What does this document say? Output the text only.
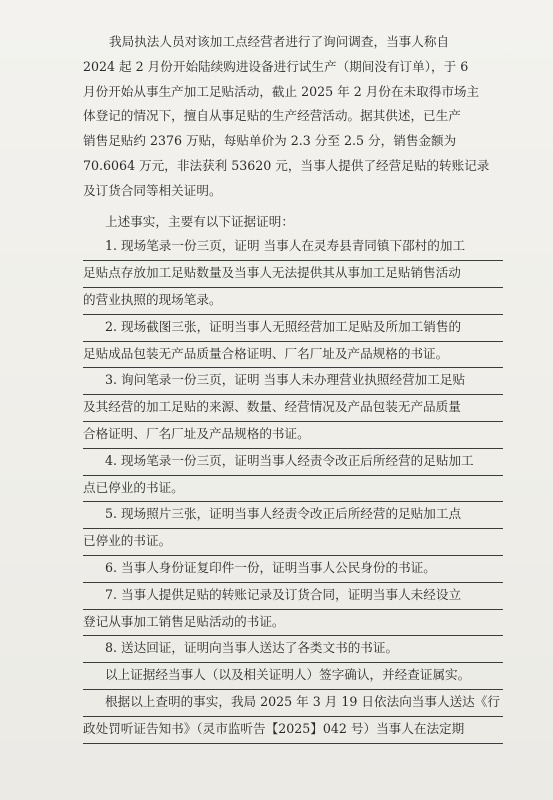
我局执法人员对该加工点经营者进行了询问调查，当事人称自
2024 起 2 月份开始陆续购进设备进行试生产（期间没有订单），于 6
月份开始从事生产加工足贴活动，截止 2025 年 2 月份在未取得市场主
体登记的情况下，擅自从事足贴的生产经营活动。据其供述，已生产
销售足贴约 2376 万贴，每贴单价为 2.3 分至 2.5 分，销售金额为
70.6064 万元，非法获利 53620 元，当事人提供了经营足贴的转账记录
及订货合同等相关证明。
上述事实，主要有以下证据证明：
1. 现场笔录一份三页，证明 当事人在灵寿县青同镇下邵村的加工
足贴点存放加工足贴数量及当事人无法提供其从事加工足贴销售活动
的营业执照的现场笔录。
2. 现场截图三张，证明当事人无照经营加工足贴及所加工销售的
足贴成品包装无产品质量合格证明、厂名厂址及产品规格的书证。
3. 询问笔录一份三页，证明 当事人未办理营业执照经营加工足贴
及其经营的加工足贴的来源、数量、经营情况及产品包装无产品质量
合格证明、厂名厂址及产品规格的书证。
4. 现场笔录一份三页，证明当事人经责令改正后所经营的足贴加工
点已停业的书证。
5. 现场照片三张，证明当事人经责令改正后所经营的足贴加工点
已停业的书证。
6. 当事人身份证复印件一份，证明当事人公民身份的书证。
7. 当事人提供足贴的转账记录及订货合同，证明当事人未经设立
登记从事加工销售足贴活动的书证。
8. 送达回证，证明向当事人送达了各类文书的书证。
以上证据经当事人（以及相关证明人）签字确认，并经查证属实。
根据以上查明的事实，我局 2025 年 3 月 19 日依法向当事人送达《行
政处罚听证告知书》（灵市监听告【2025】042 号）当事人在法定期
